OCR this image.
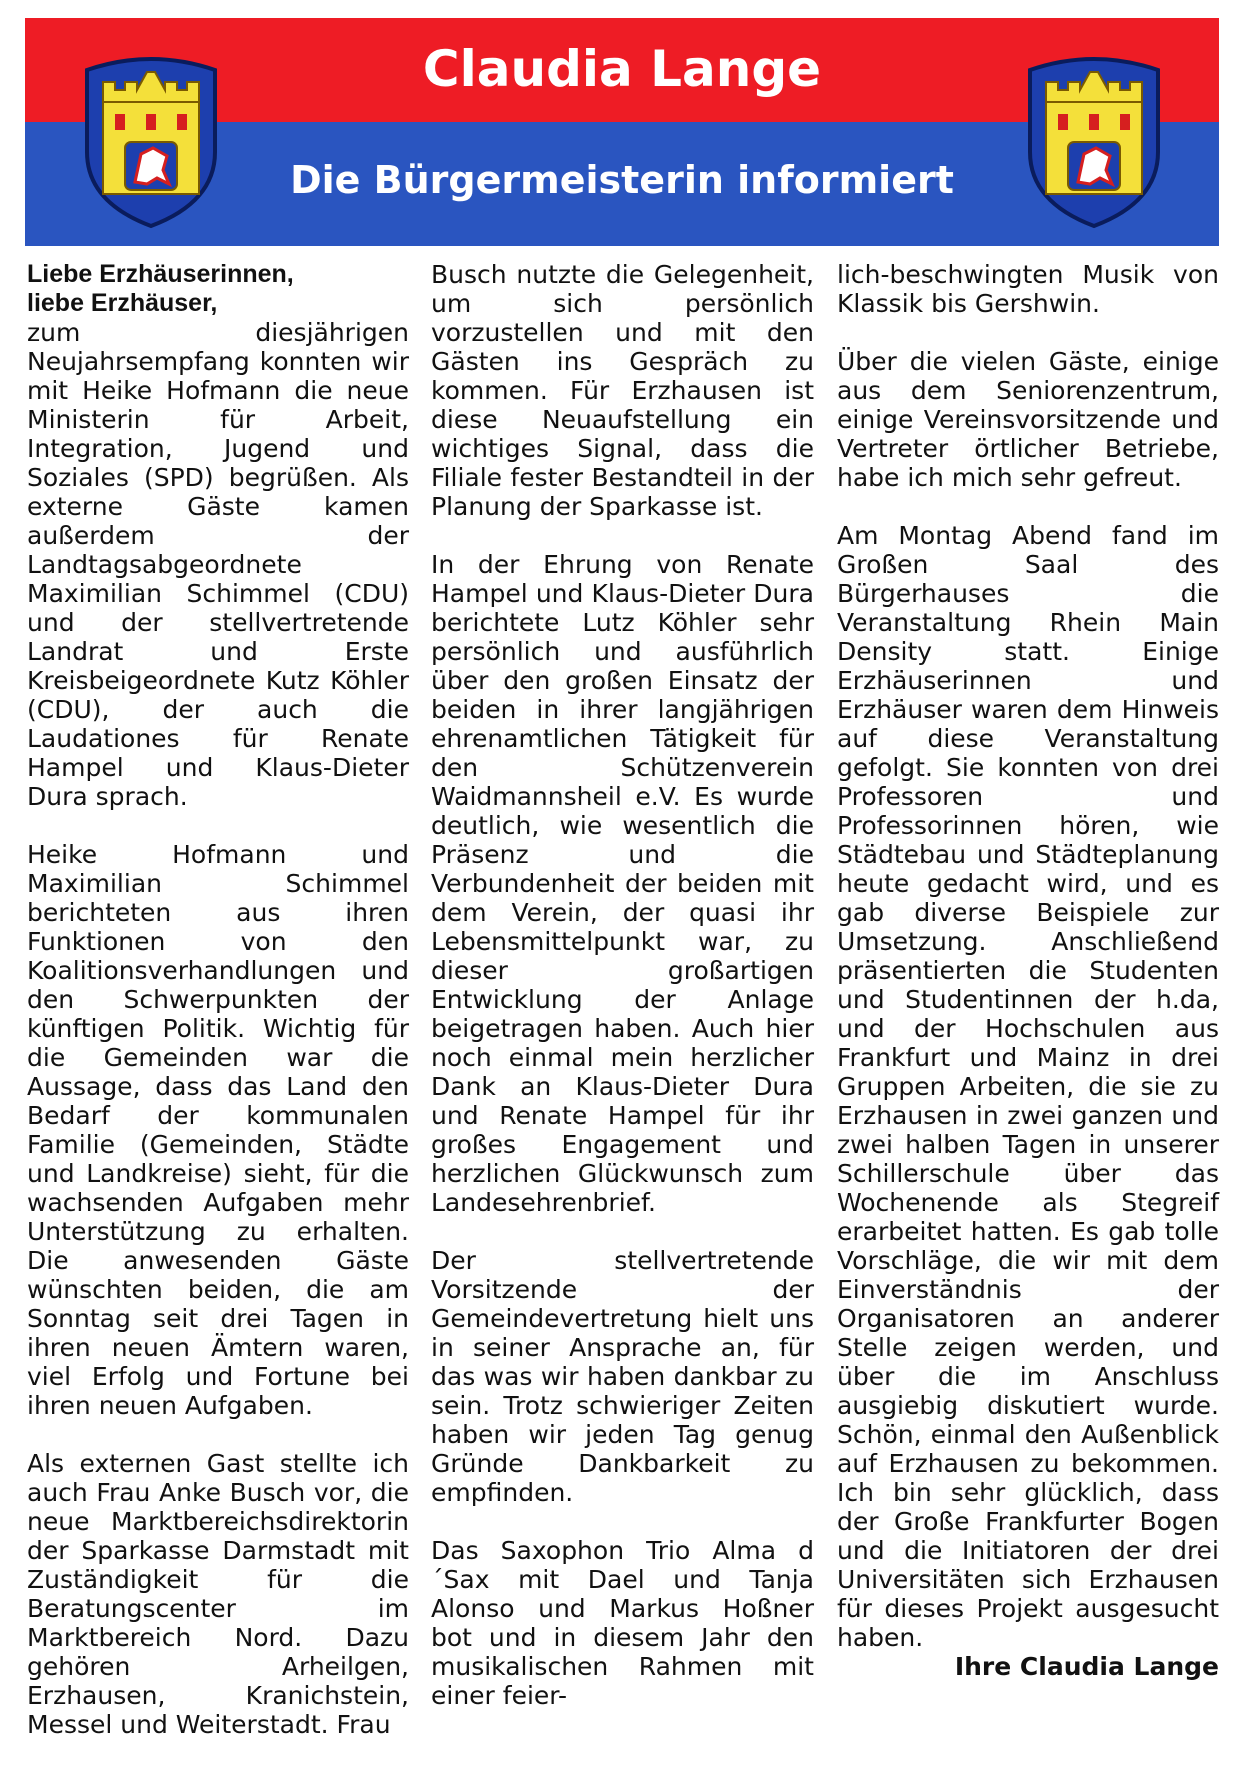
Claudia Lange
Die Bürgermeisterin informiert
Liebe Erzhäuserinnen,
liebe Erzhäuser,

zum diesjährigen Neujahrsempfang konnten wir mit Heike Hofmann die neue Ministerin für Arbeit, Integration, Jugend und Soziales (SPD) begrüßen. Als externe Gäste kamen außerdem der Landtagsabgeordnete Maximilian Schimmel (CDU) und der stellvertretende Landrat und Erste Kreisbeigeordnete Kutz Köhler (CDU), der auch die Laudationes für Renate Hampel und Klaus-Dieter Dura sprach.

Heike Hofmann und Maximilian Schimmel berichteten aus ihren Funktionen von den Koalitionsverhandlungen und den Schwerpunkten der künftigen Politik. Wichtig für die Gemeinden war die Aussage, dass das Land den Bedarf der kommunalen Familie (Gemeinden, Städte und Landkreise) sieht, für die wachsenden Aufgaben mehr Unterstützung zu erhalten. Die anwesenden Gäste wünschten beiden, die am Sonntag seit drei Tagen in ihren neuen Ämtern waren, viel Erfolg und Fortune bei ihren neuen Aufgaben.

Als externen Gast stellte ich auch Frau Anke Busch vor, die neue Marktbereichsdirektorin der Sparkasse Darmstadt mit Zuständigkeit für die Beratungscenter im Marktbereich Nord. Dazu gehören Arheilgen, Erzhausen, Kranichstein, Messel und Weiterstadt. Frau

Busch nutzte die Gelegenheit, um sich persönlich vorzustellen und mit den Gästen ins Gespräch zu kommen. Für Erzhausen ist diese Neuaufstellung ein wichtiges Signal, dass die Filiale fester Bestandteil in der Planung der Sparkasse ist.

In der Ehrung von Renate Hampel und Klaus-Dieter Dura berichtete Lutz Köhler sehr persönlich und ausführlich über den großen Einsatz der beiden in ihrer langjährigen ehrenamtlichen Tätigkeit für den Schützenverein Waidmannsheil e.V. Es wurde deutlich, wie wesentlich die Präsenz und die Verbundenheit der beiden mit dem Verein, der quasi ihr Lebensmittelpunkt war, zu dieser großartigen Entwicklung der Anlage beigetragen haben. Auch hier noch einmal mein herzlicher Dank an Klaus-Dieter Dura und Renate Hampel für ihr großes Engagement und herzlichen Glückwunsch zum Landesehrenbrief.

Der stellvertretende Vorsitzende der Gemeindevertretung hielt uns in seiner Ansprache an, für das was wir haben dankbar zu sein. Trotz schwieriger Zeiten haben wir jeden Tag genug Gründe Dankbarkeit zu empfinden.

Das Saxophon Trio Alma d´Sax mit Dael und Tanja Alonso und Markus Hoßner bot und in diesem Jahr den musikalischen Rahmen mit einer feier-

lich-beschwingten Musik von Klassik bis Gershwin.

Über die vielen Gäste, einige aus dem Seniorenzentrum, einige Vereinsvorsitzende und Vertreter örtlicher Betriebe, habe ich mich sehr gefreut.

Am Montag Abend fand im Großen Saal des Bürgerhauses die Veranstaltung Rhein Main Density statt. Einige Erzhäuserinnen und Erzhäuser waren dem Hinweis auf diese Veranstaltung gefolgt. Sie konnten von drei Professoren und Professorinnen hören, wie Städtebau und Städteplanung heute gedacht wird, und es gab diverse Beispiele zur Umsetzung. Anschließend präsentierten die Studenten und Studentinnen der h.da, und der Hochschulen aus Frankfurt und Mainz in drei Gruppen Arbeiten, die sie zu Erzhausen in zwei ganzen und zwei halben Tagen in unserer Schillerschule über das Wochenende als Stegreif erarbeitet hatten. Es gab tolle Vorschläge, die wir mit dem Einverständnis der Organisatoren an anderer Stelle zeigen werden, und über die im Anschluss ausgiebig diskutiert wurde. Schön, einmal den Außenblick auf Erzhausen zu bekommen. Ich bin sehr glücklich, dass der Große Frankfurter Bogen und die Initiatoren der drei Universitäten sich Erzhausen für dieses Projekt ausgesucht haben.

Ihre Claudia Lange
